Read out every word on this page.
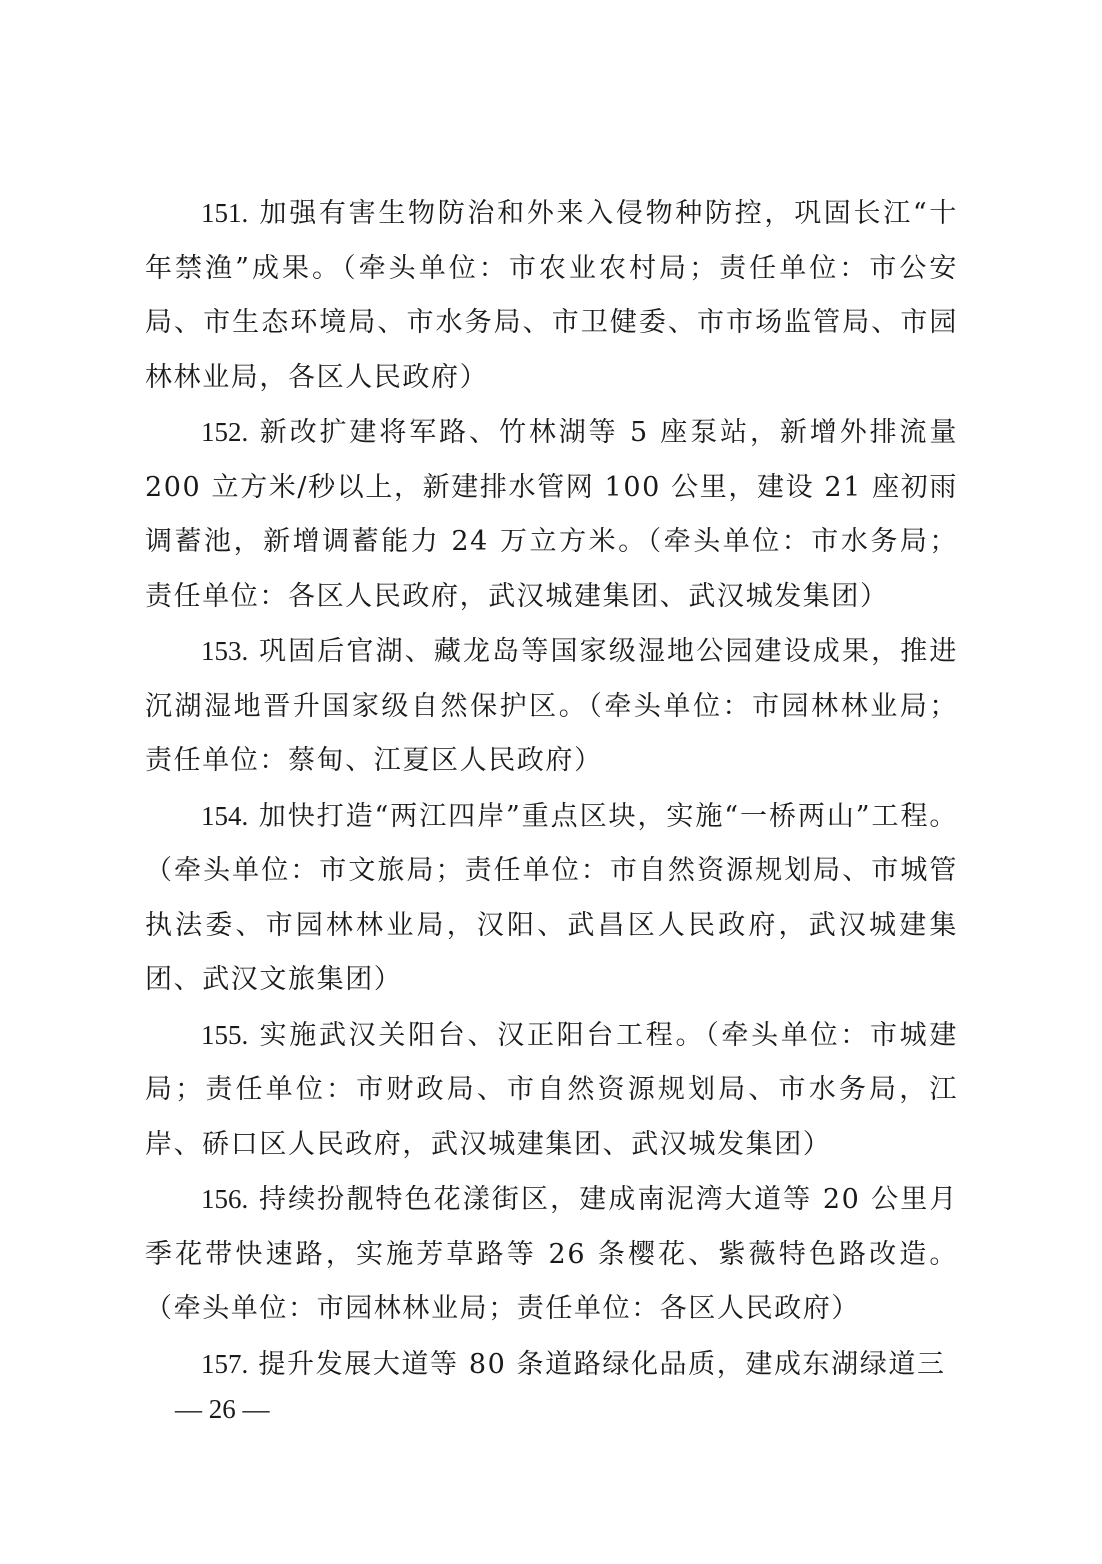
151. 加强有害生物防治和外来入侵物种防控，巩固长江“十年禁渔”成果。（牵头单位：市农业农村局；责任单位：市公安局、市生态环境局、市水务局、市卫健委、市市场监管局、市园林林业局，各区人民政府）

152. 新改扩建将军路、竹林湖等 5 座泵站，新增外排流量 200 立方米/秒以上，新建排水管网 100 公里，建设 21 座初雨调蓄池，新增调蓄能力 24 万立方米。（牵头单位：市水务局；责任单位：各区人民政府，武汉城建集团、武汉城发集团）

153. 巩固后官湖、藏龙岛等国家级湿地公园建设成果，推进沉湖湿地晋升国家级自然保护区。（牵头单位：市园林林业局；责任单位：蔡甸、江夏区人民政府）

154. 加快打造“两江四岸”重点区块，实施“一桥两山”工程。（牵头单位：市文旅局；责任单位：市自然资源规划局、市城管执法委、市园林林业局，汉阳、武昌区人民政府，武汉城建集团、武汉文旅集团）

155. 实施武汉关阳台、汉正阳台工程。（牵头单位：市城建局；责任单位：市财政局、市自然资源规划局、市水务局，江岸、硚口区人民政府，武汉城建集团、武汉城发集团）

156. 持续扮靓特色花漾街区，建成南泥湾大道等 20 公里月季花带快速路，实施芳草路等 26 条樱花、紫薇特色路改造。（牵头单位：市园林林业局；责任单位：各区人民政府）

157. 提升发展大道等 80 条道路绿化品质，建成东湖绿道三

— 26 —
